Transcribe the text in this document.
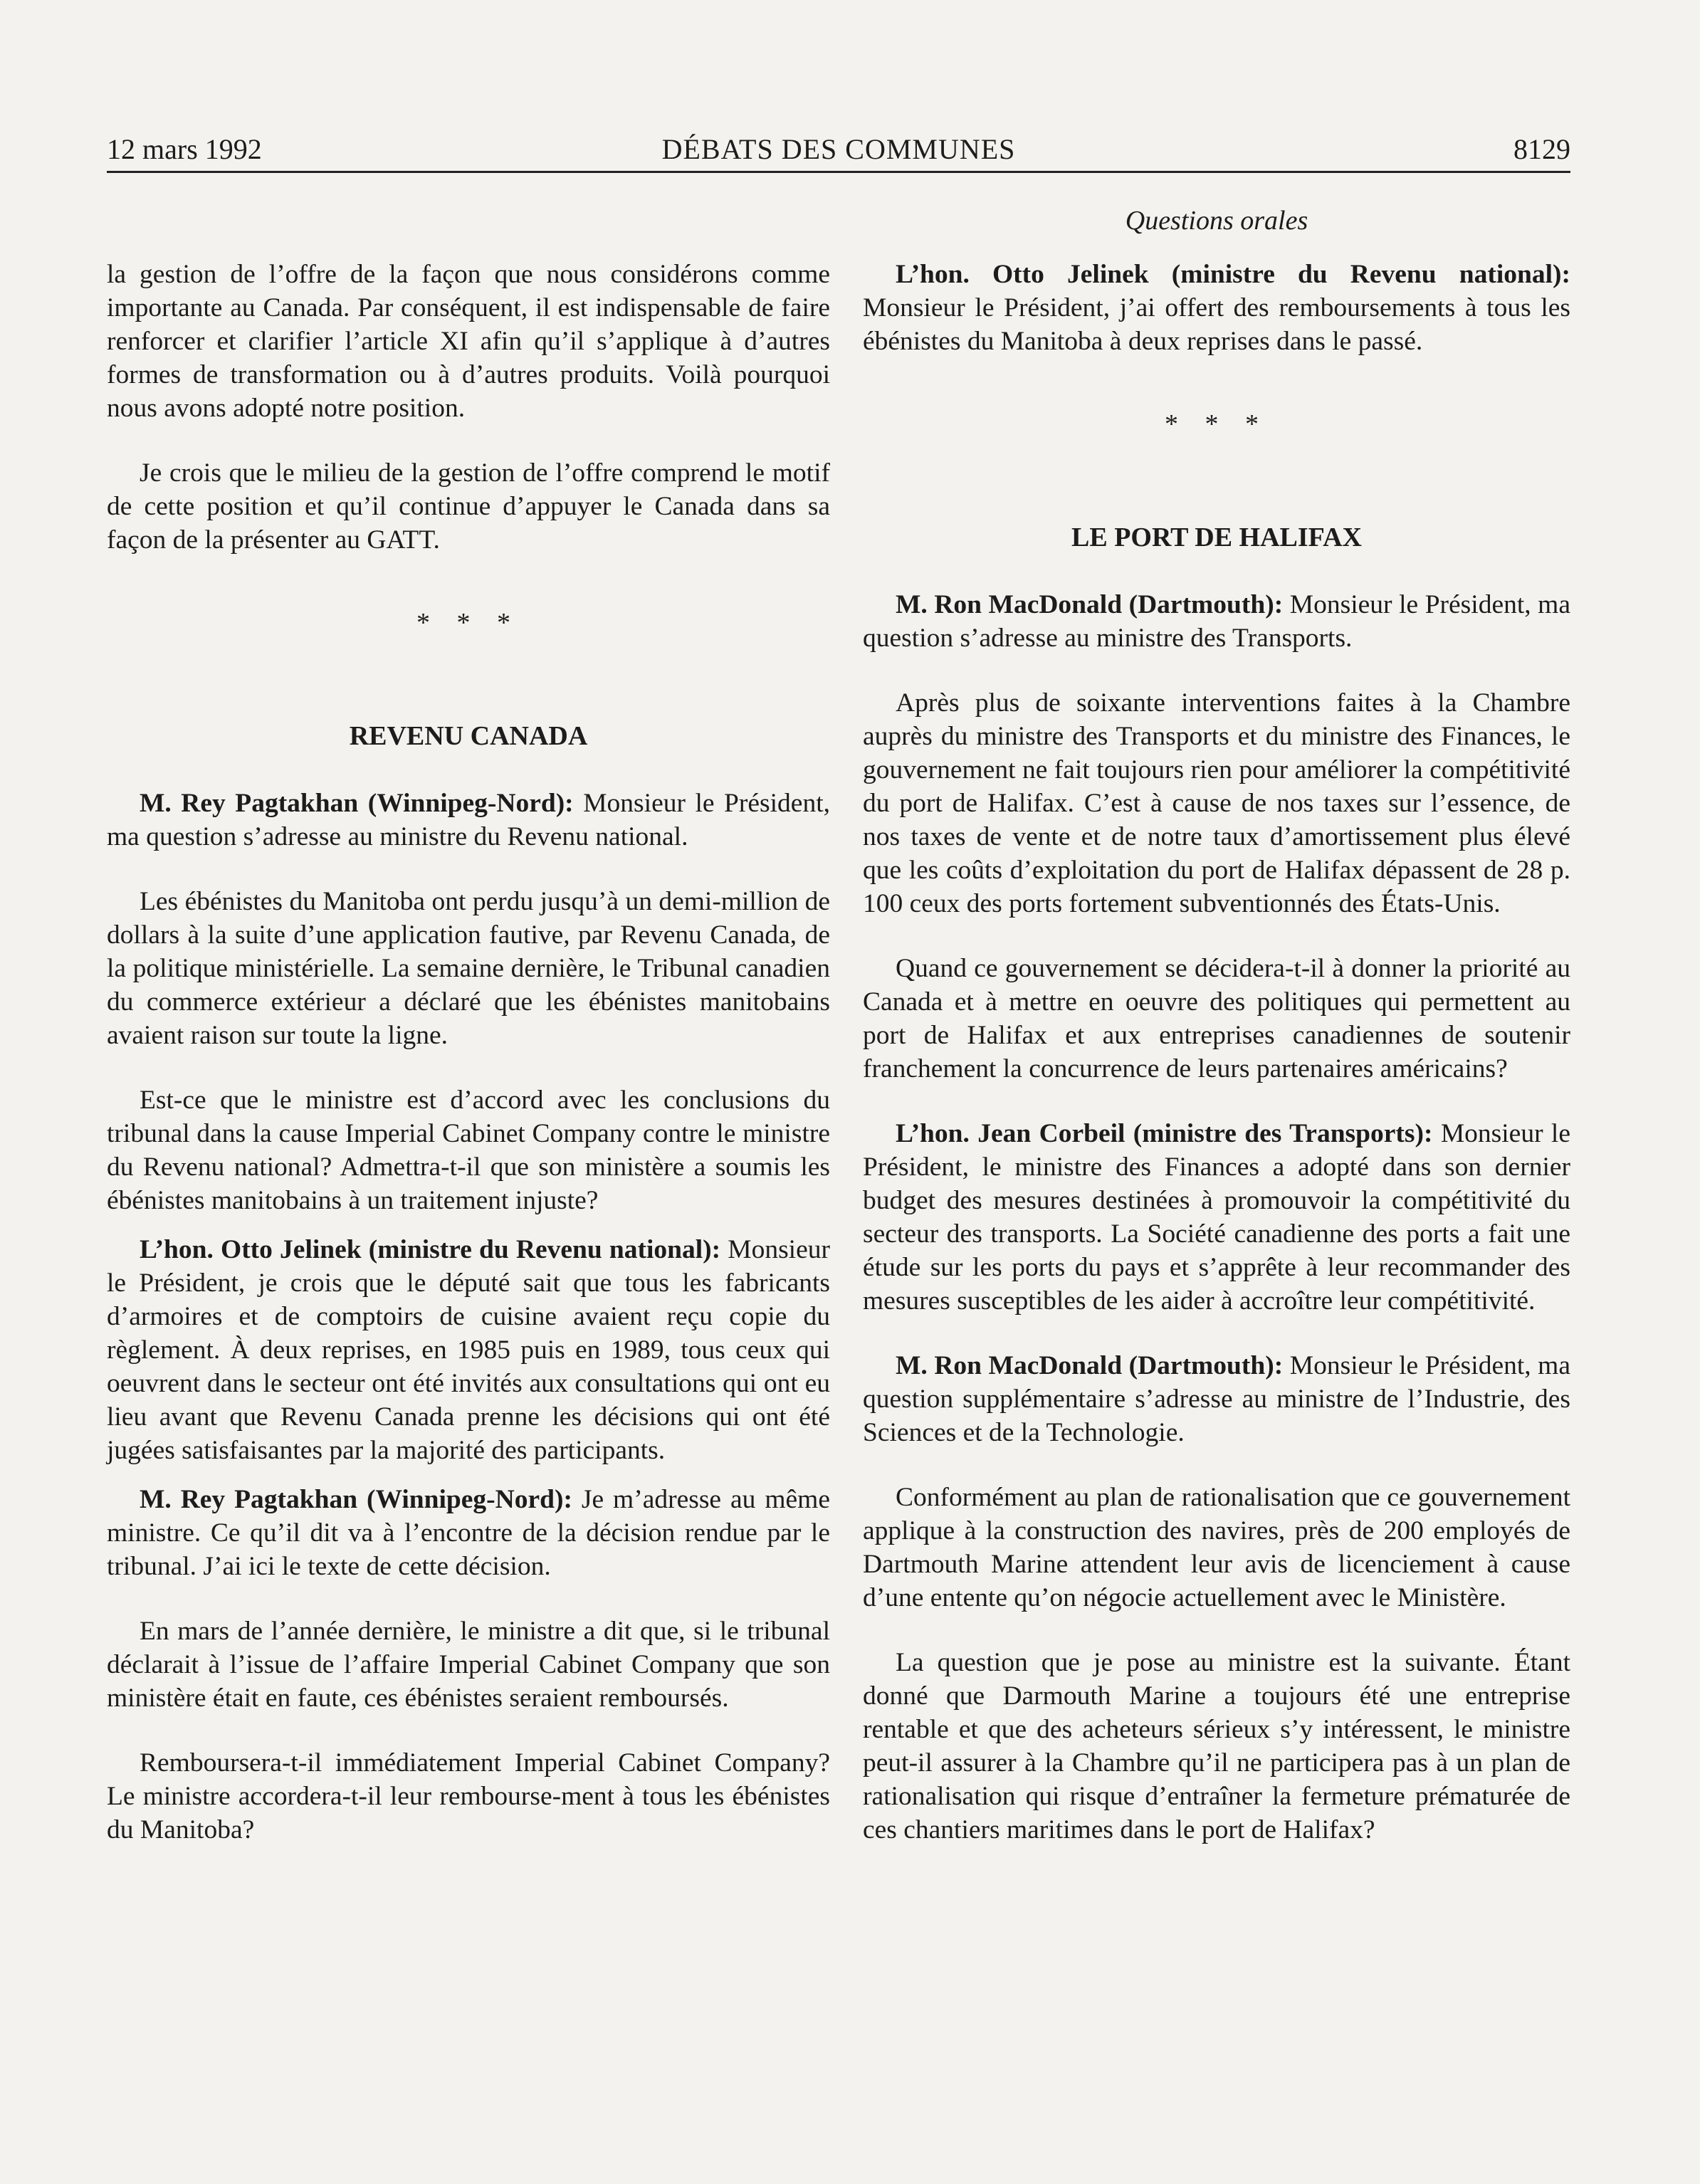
12 mars 1992	DÉBATS DES COMMUNES	8129
Questions orales

la gestion de l’offre de la façon que nous considérons comme importante au Canada. Par conséquent, il est indispensable de faire renforcer et clarifier l’article XI afin qu’il s’applique à d’autres formes de transformation ou à d’autres produits. Voilà pourquoi nous avons adopté notre position.

Je crois que le milieu de la gestion de l’offre comprend le motif de cette position et qu’il continue d’appuyer le Canada dans sa façon de la présenter au GATT.

* * *
REVENU CANADA

M. Rey Pagtakhan (Winnipeg-Nord): Monsieur le Président, ma question s’adresse au ministre du Revenu national.

Les ébénistes du Manitoba ont perdu jusqu’à un demi-million de dollars à la suite d’une application fautive, par Revenu Canada, de la politique ministérielle. La semaine dernière, le Tribunal canadien du commerce extérieur a déclaré que les ébénistes manitobains avaient raison sur toute la ligne.

Est-ce que le ministre est d’accord avec les conclusions du tribunal dans la cause Imperial Cabinet Company contre le ministre du Revenu national? Admettra-t-il que son ministère a soumis les ébénistes manitobains à un traitement injuste?

L’hon. Otto Jelinek (ministre du Revenu national): Monsieur le Président, je crois que le député sait que tous les fabricants d’armoires et de comptoirs de cuisine avaient reçu copie du règlement. À deux reprises, en 1985 puis en 1989, tous ceux qui oeuvrent dans le secteur ont été invités aux consultations qui ont eu lieu avant que Revenu Canada prenne les décisions qui ont été jugées satisfaisantes par la majorité des participants.

M. Rey Pagtakhan (Winnipeg-Nord): Je m’adresse au même ministre. Ce qu’il dit va à l’encontre de la décision rendue par le tribunal. J’ai ici le texte de cette décision.

En mars de l’année dernière, le ministre a dit que, si le tribunal déclarait à l’issue de l’affaire Imperial Cabinet Company que son ministère était en faute, ces ébénistes seraient remboursés.

Remboursera-t-il immédiatement Imperial Cabinet Company? Le ministre accordera-t-il leur rembourse-ment à tous les ébénistes du Manitoba?

L’hon. Otto Jelinek (ministre du Revenu national): Monsieur le Président, j’ai offert des remboursements à tous les ébénistes du Manitoba à deux reprises dans le passé.

* * *
LE PORT DE HALIFAX

M. Ron MacDonald (Dartmouth): Monsieur le Président, ma question s’adresse au ministre des Transports.

Après plus de soixante interventions faites à la Chambre auprès du ministre des Transports et du ministre des Finances, le gouvernement ne fait toujours rien pour améliorer la compétitivité du port de Halifax. C’est à cause de nos taxes sur l’essence, de nos taxes de vente et de notre taux d’amortissement plus élevé que les coûts d’exploitation du port de Halifax dépassent de 28 p. 100 ceux des ports fortement subventionnés des États-Unis.

Quand ce gouvernement se décidera-t-il à donner la priorité au Canada et à mettre en oeuvre des politiques qui permettent au port de Halifax et aux entreprises canadiennes de soutenir franchement la concurrence de leurs partenaires américains?

L’hon. Jean Corbeil (ministre des Transports): Monsieur le Président, le ministre des Finances a adopté dans son dernier budget des mesures destinées à promouvoir la compétitivité du secteur des transports. La Société canadienne des ports a fait une étude sur les ports du pays et s’apprête à leur recommander des mesures susceptibles de les aider à accroître leur compétitivité.

M. Ron MacDonald (Dartmouth): Monsieur le Président, ma question supplémentaire s’adresse au ministre de l’Industrie, des Sciences et de la Technologie.

Conformément au plan de rationalisation que ce gouvernement applique à la construction des navires, près de 200 employés de Dartmouth Marine attendent leur avis de licenciement à cause d’une entente qu’on négocie actuellement avec le Ministère.

La question que je pose au ministre est la suivante. Étant donné que Darmouth Marine a toujours été une entreprise rentable et que des acheteurs sérieux s’y intéressent, le ministre peut-il assurer à la Chambre qu’il ne participera pas à un plan de rationalisation qui risque d’entraîner la fermeture prématurée de ces chantiers maritimes dans le port de Halifax?
